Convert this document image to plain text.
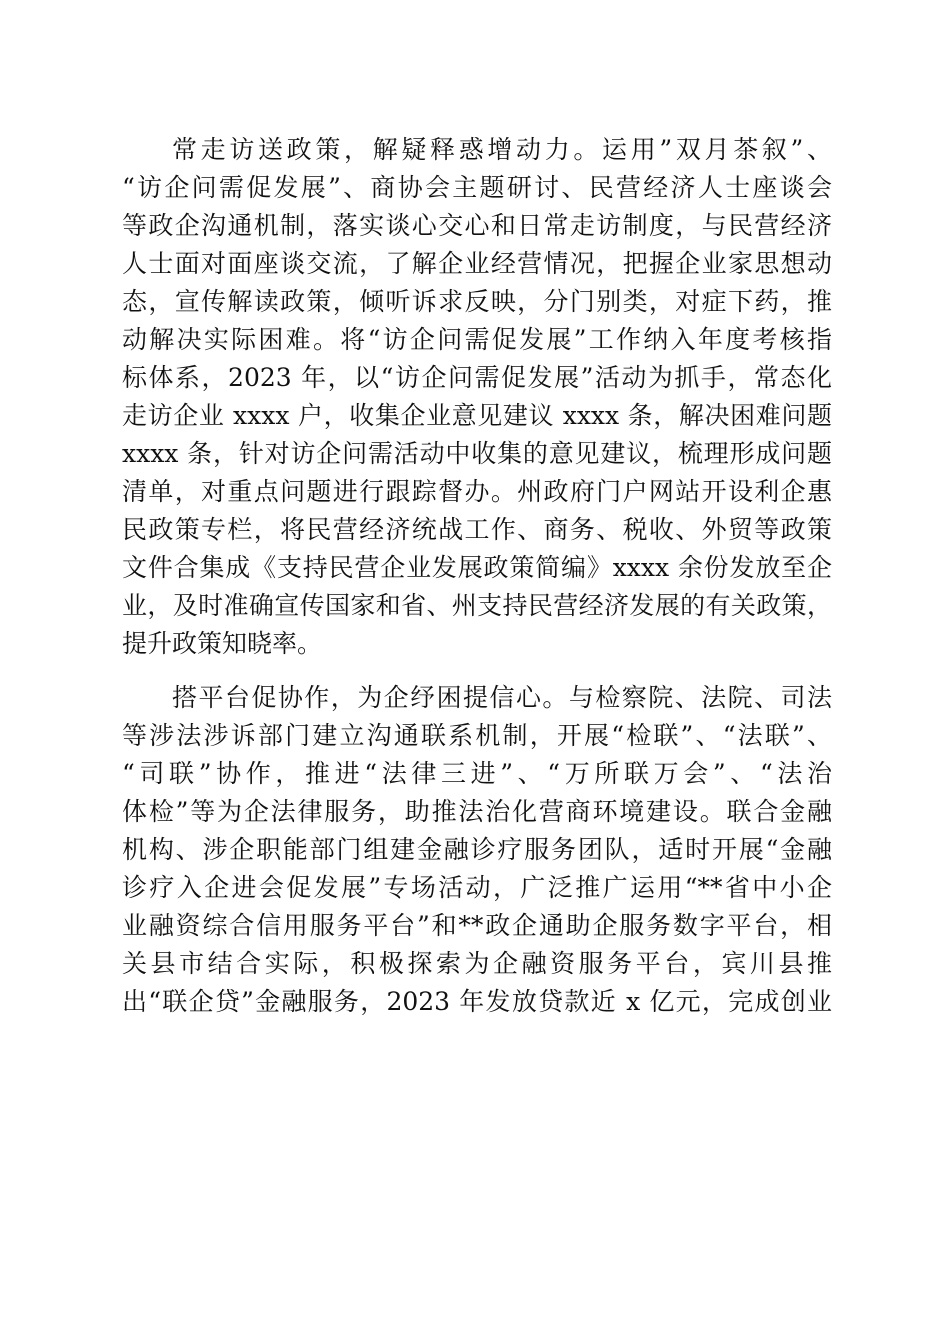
常走访送政策，解疑释惑增动力。运用”双月茶叙”、

“访企问需促发展”、商协会主题研讨、民营经济人士座谈会

等政企沟通机制，落实谈心交心和日常走访制度，与民营经济

人士面对面座谈交流，了解企业经营情况，把握企业家思想动

态，宣传解读政策，倾听诉求反映，分门别类，对症下药，推

动解决实际困难。将“访企问需促发展”工作纳入年度考核指

标体系，2023 年，以“访企问需促发展”活动为抓手，常态化

走访企业 xxxx 户，收集企业意见建议 xxxx 条，解决困难问题

xxxx 条，针对访企问需活动中收集的意见建议，梳理形成问题

清单，对重点问题进行跟踪督办。州政府门户网站开设利企惠

民政策专栏，将民营经济统战工作、商务、税收、外贸等政策

文件合集成《支持民营企业发展政策简编》xxxx 余份发放至企

业，及时准确宣传国家和省、州支持民营经济发展的有关政策，

提升政策知晓率。

搭平台促协作，为企纾困提信心。与检察院、法院、司法

等涉法涉诉部门建立沟通联系机制，开展“检联”、“法联”、

“司联”协作，推进“法律三进”、“万所联万会”、“法治

体检”等为企法律服务，助推法治化营商环境建设。联合金融

机构、涉企职能部门组建金融诊疗服务团队，适时开展“金融

诊疗入企进会促发展”专场活动，广泛推广运用“**省中小企

业融资综合信用服务平台”和**政企通助企服务数字平台，相

关县市结合实际，积极探索为企融资服务平台，宾川县推

出“联企贷”金融服务，2023 年发放贷款近 x 亿元，完成创业
